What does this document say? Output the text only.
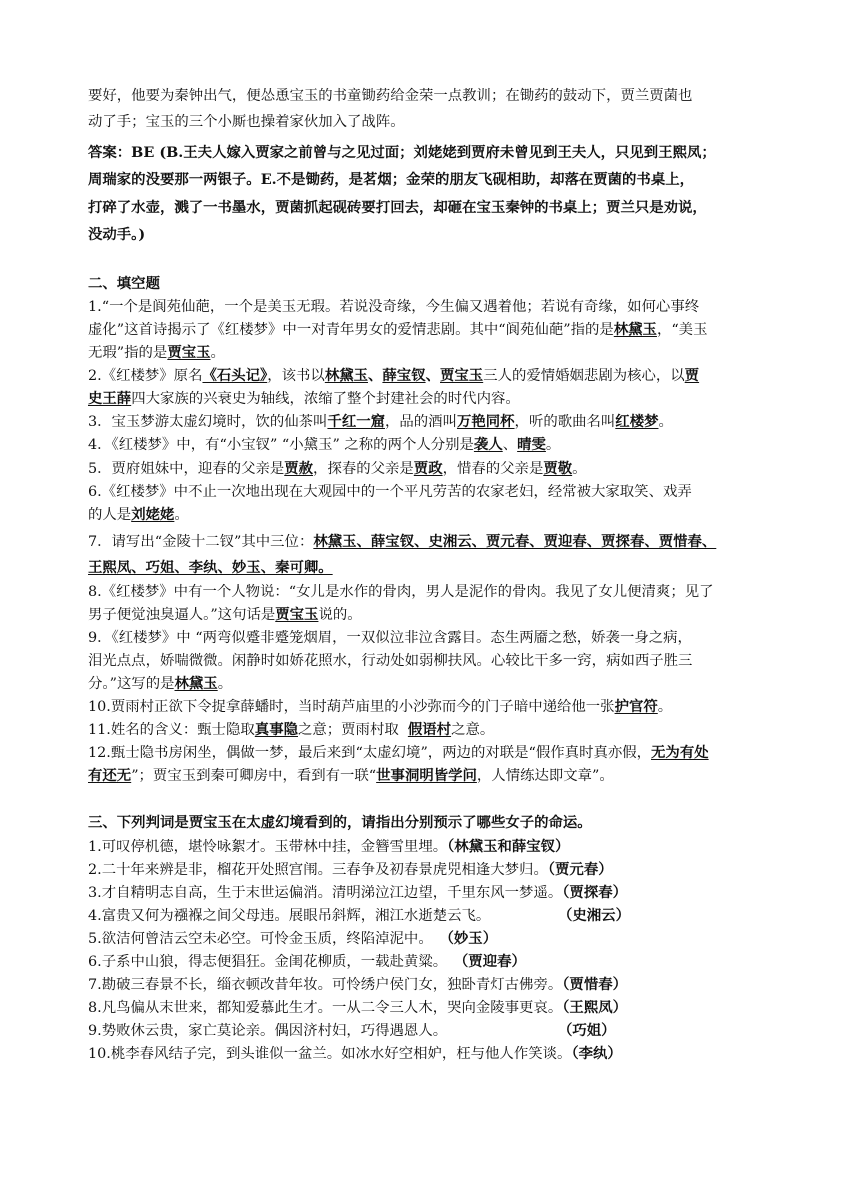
要好，他要为秦钟出气，便怂恿宝玉的书童锄药给金荣一点教训；在锄药的鼓动下，贾兰贾菌也
动了手；宝玉的三个小厮也操着家伙加入了战阵。
答案：BE (B.王夫人嫁入贾家之前曾与之见过面；刘姥姥到贾府未曾见到王夫人，只见到王熙凤；
周瑞家的没要那一两银子。E.不是锄药，是茗烟；金荣的朋友飞砚相助，却落在贾菌的书桌上，
打碎了水壶，溅了一书墨水，贾菌抓起砚砖要打回去，却砸在宝玉秦钟的书桌上；贾兰只是劝说，
没动手。)
二、填空题
1.“一个是阆苑仙葩，一个是美玉无瑕。若说没奇缘，今生偏又遇着他；若说有奇缘，如何心事终
虚化”这首诗揭示了《红楼梦》中一对青年男女的爱情悲剧。其中“阆苑仙葩”指的是林黛玉，“美玉
无瑕”指的是贾宝玉。
2.《红楼梦》原名《石头记》，该书以林黛玉、薛宝钗、贾宝玉三人的爱情婚姻悲剧为核心，以贾
史王薛四大家族的兴衰史为轴线，浓缩了整个封建社会的时代内容。
3．宝玉梦游太虚幻境时，饮的仙茶叫千红一窟，品的酒叫万艳同杯，听的歌曲名叫红楼梦。
4．《红楼梦》中，有“小宝钗” “小黛玉” 之称的两个人分别是袭人、晴雯。
5．贾府姐妹中，迎春的父亲是贾赦，探春的父亲是贾政，惜春的父亲是贾敬。
6.《红楼梦》中不止一次地出现在大观园中的一个平凡劳苦的农家老妇，经常被大家取笑、戏弄
的人是刘姥姥。
7．请写出“金陵十二钗”其中三位：林黛玉、薛宝钗、史湘云、贾元春、贾迎春、贾探春、贾惜春、
王熙凤、巧姐、李纨、妙玉、秦可卿。
8.《红楼梦》中有一个人物说：“女儿是水作的骨肉，男人是泥作的骨肉。我见了女儿便清爽；见了
男子便觉浊臭逼人。”这句话是贾宝玉说的。
9．《红楼梦》中 “两弯似蹙非蹙笼烟眉，一双似泣非泣含露目。态生两靥之愁，娇袭一身之病，
泪光点点，娇喘微微。闲静时如娇花照水，行动处如弱柳扶风。心较比干多一窍，病如西子胜三
分。”这写的是林黛玉。
10.贾雨村正欲下令捉拿薛蟠时，当时葫芦庙里的小沙弥而今的门子暗中递给他一张护官符。
11.姓名的含义：甄士隐取真事隐之意；贾雨村取  假语村之意。
12.甄士隐书房闲坐，偶做一梦，最后来到“太虚幻境”，两边的对联是“假作真时真亦假，无为有处
有还无”；贾宝玉到秦可卿房中，看到有一联“世事洞明皆学问，人情练达即文章”。
三、下列判词是贾宝玉在太虚幻境看到的，请指出分别预示了哪些女子的命运。
1.可叹停机德，堪怜咏絮才。玉带林中挂，金簪雪里埋。（林黛玉和薛宝钗）
2.二十年来辨是非，榴花开处照宫闱。三春争及初春景虎兕相逢大梦归。（贾元春）
3.才自精明志自高，生于末世运偏消。清明涕泣江边望，千里东风一梦遥。（贾探春）
4.富贵又何为襁褓之间父母违。展眼吊斜辉，湘江水逝楚云飞。	（史湘云）
5.欲洁何曾洁云空未必空。可怜金玉质，终陷淖泥中。 （妙玉）
6.子系中山狼，得志便猖狂。金闺花柳质，一载赴黄粱。 （贾迎春）
7.勘破三春景不长，缁衣顿改昔年妆。可怜绣户侯门女，独卧青灯古佛旁。（贾惜春）
8.凡鸟偏从末世来，都知爱慕此生才。一从二令三人木，哭向金陵事更哀。（王熙凤）
9.势败休云贵，家亡莫论亲。偶因济村妇，巧得遇恩人。	（巧姐）
10.桃李春风结子完，到头谁似一盆兰。如冰水好空相妒，枉与他人作笑谈。（李纨）
